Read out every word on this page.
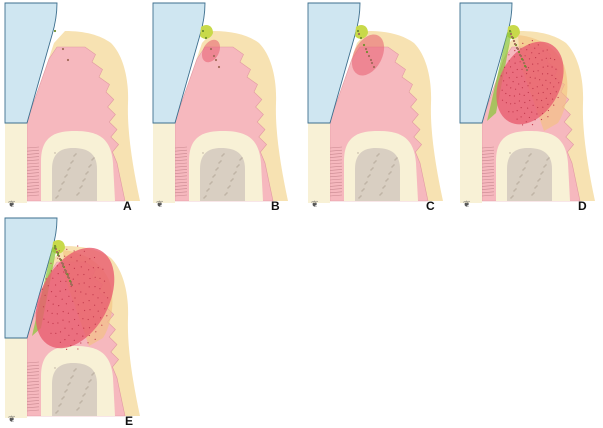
A
❦	B
❦	C
❦	D
❦
E
❦
